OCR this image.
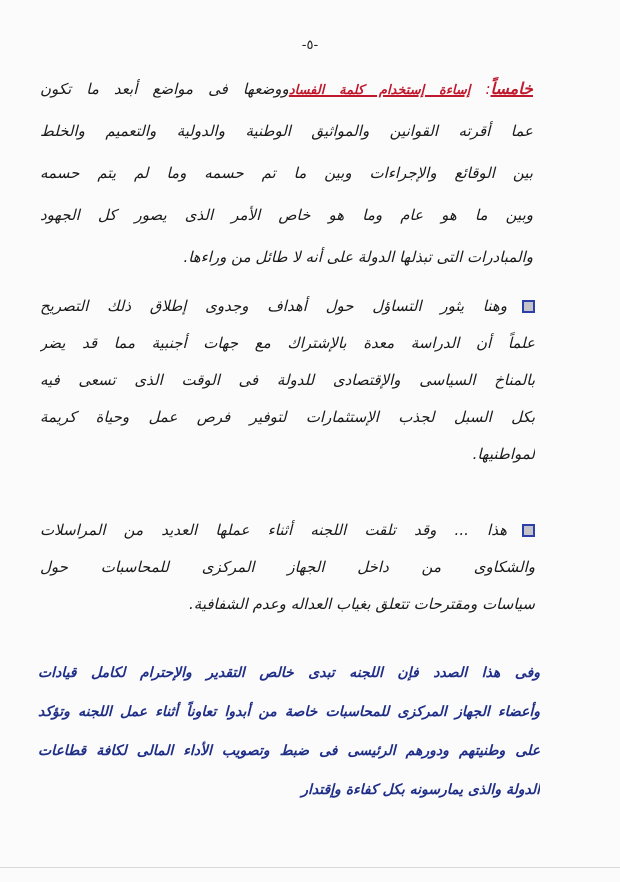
-٥-
خامساً: إساءة إستخدام كلمة الفسادووضعها فى مواضع أبعد ما تكون
عما أقرته القوانين والمواثيق الوطنية والدولية والتعميم والخلط
بين الوقائع والإجراءات وبين ما تم حسمه وما لم يتم حسمه
وبين ما هو عام وما هو خاص الأمر الذى يصور كل الجهود
والمبادرات التى تبذلها الدولة على أنه لا طائل من وراءها.
وهنا يثور التساؤل حول أهداف وجدوى إطلاق ذلك التصريح
علماً أن الدراسة معدة بالإشتراك مع جهات أجنبية مما قد يضر
بالمناخ السياسى والإقتصادى للدولة فى الوقت الذى تسعى فيه
بكل السبل لجذب الإستثمارات لتوفير فرص عمل وحياة كريمة
لمواطنيها.
هذا ... وقد تلقت اللجنه أثناء عملها العديد من المراسلات
والشكاوى من داخل الجهاز المركزى للمحاسبات حول
سياسات ومقترحات تتعلق بغياب العداله وعدم الشفافية.
وفى هذا الصدد فإن اللجنه تبدى خالص التقدير والإحترام لكامل قيادات
وأعضاء الجهاز المركزى للمحاسبات خاصة من أبدوا تعاوناً أثناء عمل اللجنه وتؤكد
على وطنيتهم ودورهم الرئيسى فى ضبط وتصويب الأداء المالى لكافة قطاعات
الدولة والذى يمارسونه بكل كفاءة وإقتدار
